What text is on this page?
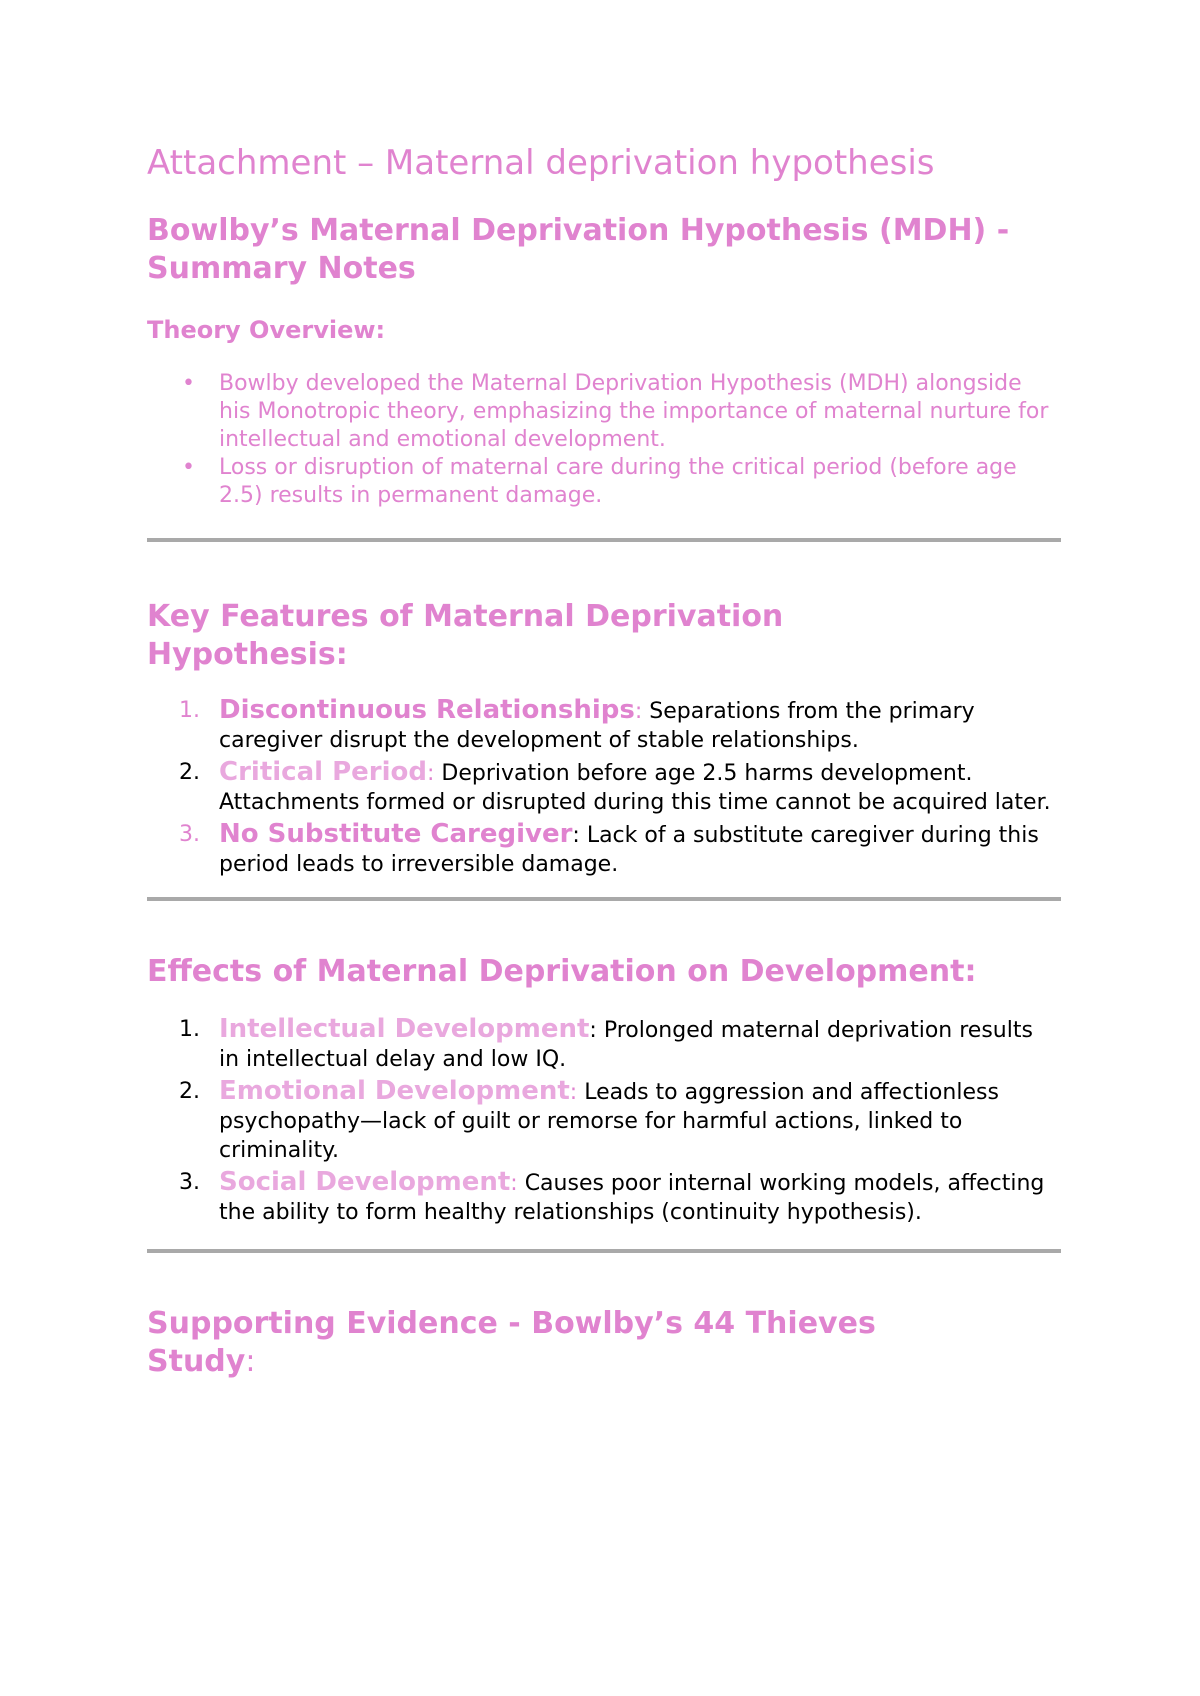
Attachment – Maternal deprivation hypothesis
Bowlby’s Maternal Deprivation Hypothesis (MDH) - Summary Notes
Theory Overview:
• Bowlby developed the Maternal Deprivation Hypothesis (MDH) alongside his Monotropic theory, emphasizing the importance of maternal nurture for intellectual and emotional development.
• Loss or disruption of maternal care during the critical period (before age 2.5) results in permanent damage.
Key Features of Maternal Deprivation Hypothesis:
1. Discontinuous Relationships: Separations from the primary caregiver disrupt the development of stable relationships.
2. Critical Period: Deprivation before age 2.5 harms development. Attachments formed or disrupted during this time cannot be acquired later.
3. No Substitute Caregiver: Lack of a substitute caregiver during this period leads to irreversible damage.
Effects of Maternal Deprivation on Development:
1. Intellectual Development: Prolonged maternal deprivation results in intellectual delay and low IQ.
2. Emotional Development: Leads to aggression and affectionless psychopathy—lack of guilt or remorse for harmful actions, linked to criminality.
3. Social Development: Causes poor internal working models, affecting the ability to form healthy relationships (continuity hypothesis).
Supporting Evidence - Bowlby’s 44 Thieves Study:
